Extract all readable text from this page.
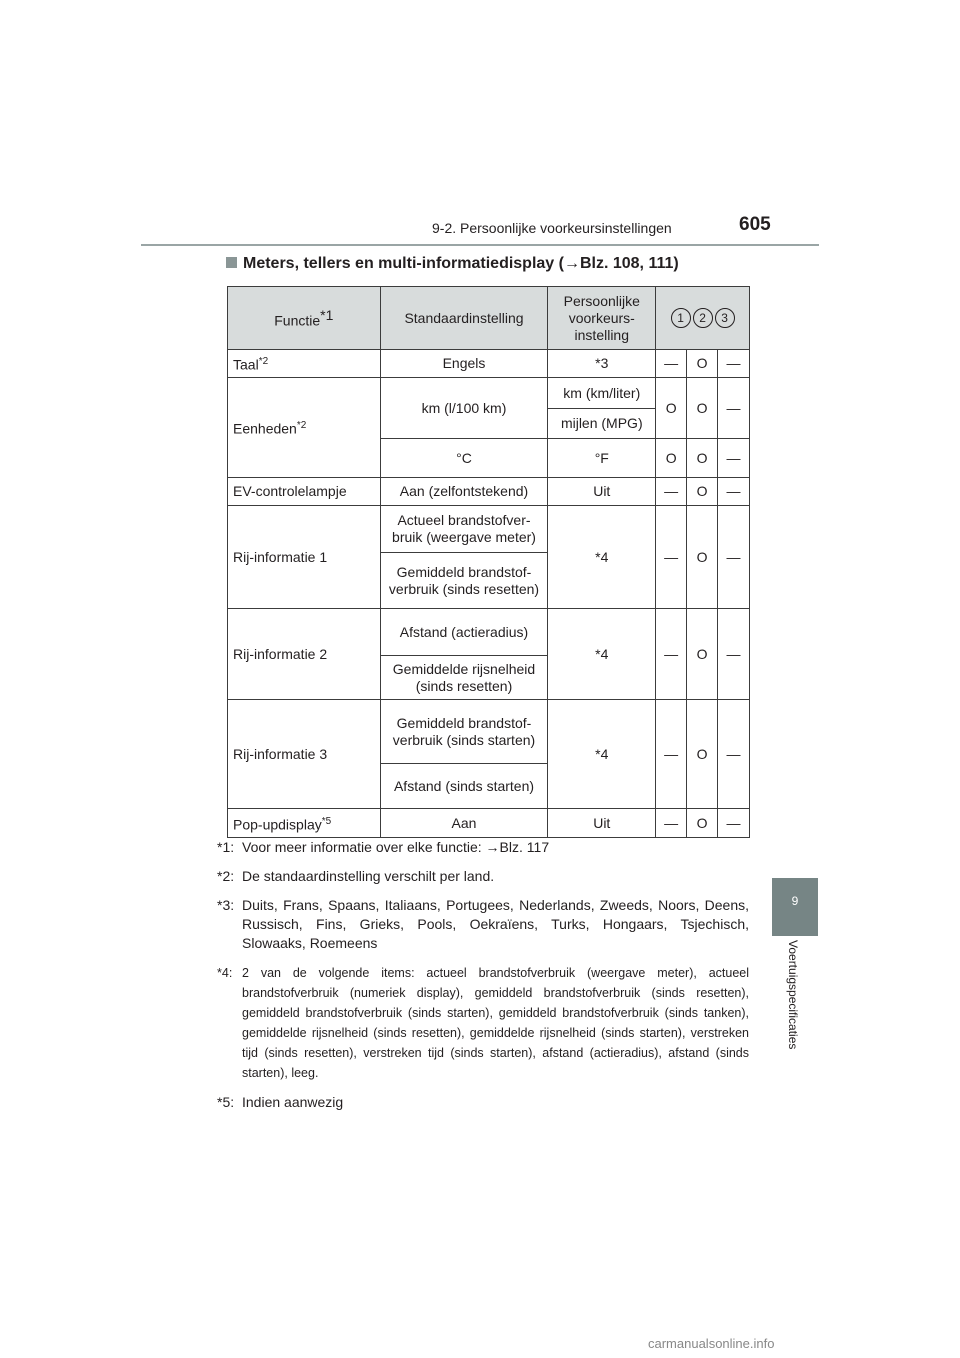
9-2. Persoonlijke voorkeursinstellingen	605
Meters, tellers en multi-informatiedisplay (→Blz. 108, 111)
9
Voertuigspecificaties
Functie$^{*1}$	Standaardinstelling	Persoonlijke voorkeurs-instelling	1 2 3		
Taal$^{*2}$	Engels	*3	—	O	—
Eenheden$^{*2}$	km (l/100 km)	km (km/liter)	O	O	—
		mijlen (MPG)			
	°C	°F	O	O	—
EV-controlelampje	Aan (zelfontstekend)	Uit	—	O	—
Rij-informatie 1	Actueel brandstofver-bruik (weergave meter)	*4	—	O	—
	Gemiddeld brandstof-verbruik (sinds resetten)				
Rij-informatie 2	Afstand (actieradius)	*4	—	O	—
	Gemiddelde rijsnelheid (sinds resetten)				
Rij-informatie 3	Gemiddeld brandstof-verbruik (sinds starten)	*4	—	O	—
	Afstand (sinds starten)				
Pop-updisplay$^{*5}$	Aan	Uit	—	O	—
*1: Voor meer informatie over elke functie: →Blz. 117
*2: De standaardinstelling verschilt per land.
*3: Duits, Frans, Spaans, Italiaans, Portugees, Nederlands, Zweeds, Noors, Deens, Russisch, Fins, Grieks, Pools, Oekraïens, Turks, Hongaars, Tsjechisch, Slowaaks, Roemeens
*4: 2 van de volgende items: actueel brandstofverbruik (weergave meter), actueel brandstofverbruik (numeriek display), gemiddeld brandstofverbruik (sinds resetten), gemiddeld brandstofverbruik (sinds starten), gemiddeld brandstofverbruik (sinds tanken), gemiddelde rijsnelheid (sinds resetten), gemiddelde rijsnelheid (sinds starten), verstreken tijd (sinds resetten), verstreken tijd (sinds starten), afstand (actieradius), afstand (sinds starten), leeg.
*5: Indien aanwezig
carmanualsonline.info
